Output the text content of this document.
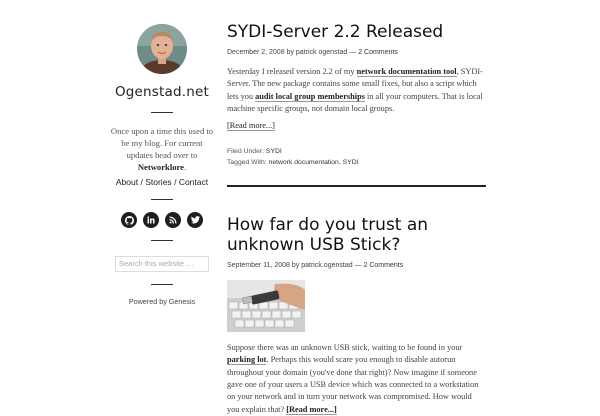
Ogenstad.net
Once upon a time this used to be my blog. For current updates head over to Networklore.
About / Stories / Contact
Search this website …
Powered by Genesis
SYDI-Server 2.2 Released
December 2, 2008 by patrick ogenstad — 2 Comments
Yesterday I released version 2.2 of my network documentation tool, SYDI-Server. The new package contains some small fixes, but also a script which lets you audit local group memberships in all your computers. That is local machine specific groups, not domain local groups.
[Read more...]
Filed Under: SYDI
Tagged With: network documentation, SYDI
How far do you trust an unknown USB Stick?
September 11, 2008 by patrick.ogenstad — 2 Comments
Suppose there was an unknown USB stick, waiting to be found in your parking lot. Perhaps this would scare you enough to disable autorun throughout your domain (you've done that right)? Now imagine if someone gave one of your users a USB device which was connected to a workstation on your network and in turn your network was compromised. How would you explain that? [Read more...]
